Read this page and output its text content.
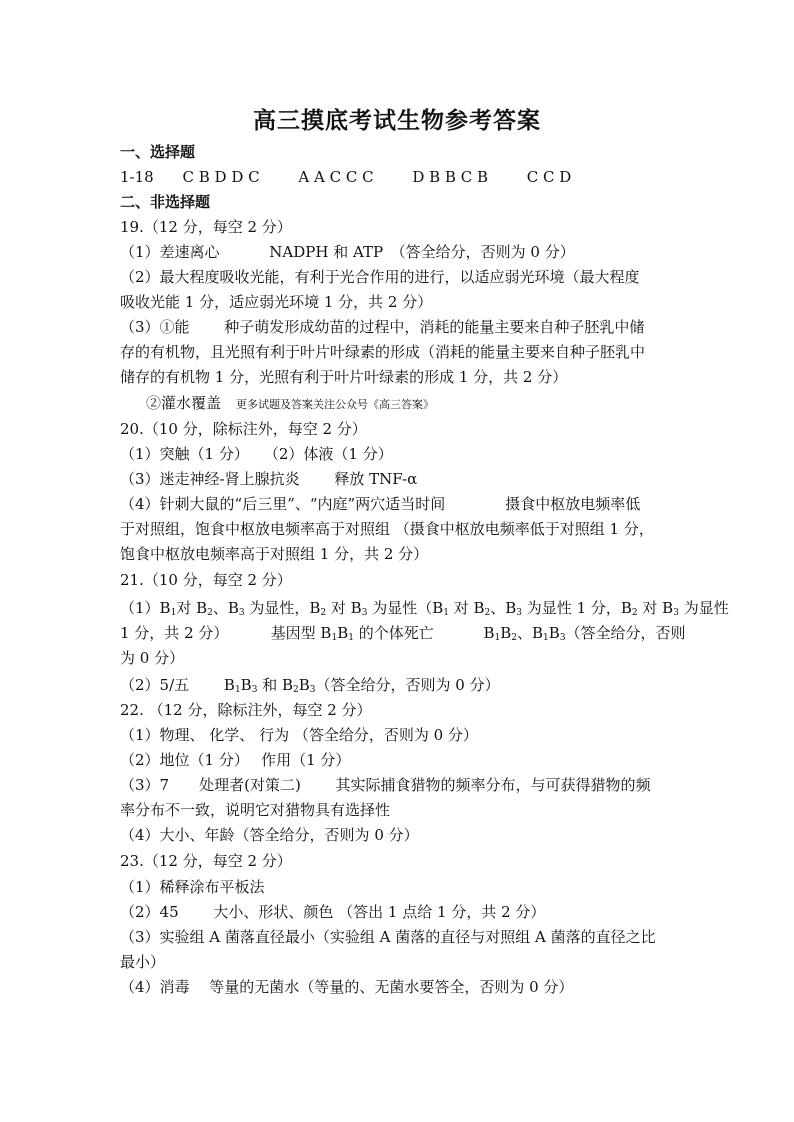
高三摸底考试生物参考答案
一、选择题
1-18 C B D D C	A A C C C	D B B C B	C C D
二、非选择题
19.（12 分，每空 2 分）
（1）差速离心　　　 NADPH 和 ATP　（答全给分，否则为 0 分）
（2）最大程度吸收光能，有利于光合作用的进行，以适应弱光环境（最大程度
吸收光能 1 分，适应弱光环境 1 分，共 2 分）
（3）①能　　 种子萌发形成幼苗的过程中，消耗的能量主要来自种子胚乳中储
存的有机物，且光照有利于叶片叶绿素的形成（消耗的能量主要来自种子胚乳中
储存的有机物 1 分，光照有利于叶片叶绿素的形成 1 分，共 2 分）
②灌水覆盖  更多试题及答案关注公众号《高三答案》
20.（10 分，除标注外，每空 2 分）
（1）突触（1 分）　　（2）体液（1 分）
（3）迷走神经-肾上腺抗炎　　 释放 TNF-α
（4）针刺大鼠的“后三里”、“内庭”两穴适当时间　　　　摄食中枢放电频率低
于对照组，饱食中枢放电频率高于对照组 （摄食中枢放电频率低于对照组 1 分，
饱食中枢放电频率高于对照组 1 分，共 2 分）
21.（10 分，每空 2 分）
$(1)B_1$对 $B_2$、$B_3$ 为显性，$B_2$ 对 $B_3$ 为显性（$B_1$ 对 $B_2$、$B_3$ 为显性 1 分，$B_2$ 对 $B_3$ 为显性
1 分，共 2 分）　　　 基因型 $B_1B_1$ 的个体死亡　　　 $B_1B_2$、$B_1B_3$（答全给分，否则
为 0 分）
（2）5/五　　 $B_1B_3$ 和 $B_2B_3$（答全给分，否则为 0 分）
22. （12 分，除标注外，每空 2 分）
（1）物理、 化学、 行为 （答全给分，否则为 0 分）
（2）地位（1 分）　 作用（1 分）
（3）7　　处理者(对策二)　　 其实际捕食猎物的频率分布，与可获得猎物的频
率分布不一致，说明它对猎物具有选择性
（4）大小、年龄（答全给分，否则为 0 分）
23.（12 分，每空 2 分）
（1）稀释涂布平板法
（2）45　　 大小、形状、颜色 （答出 1 点给 1 分，共 2 分）
（3）实验组 A 菌落直径最小（实验组 A 菌落的直径与对照组 A 菌落的直径之比
最小）
（4）消毒　 等量的无菌水（等量的、无菌水要答全，否则为 0 分）
